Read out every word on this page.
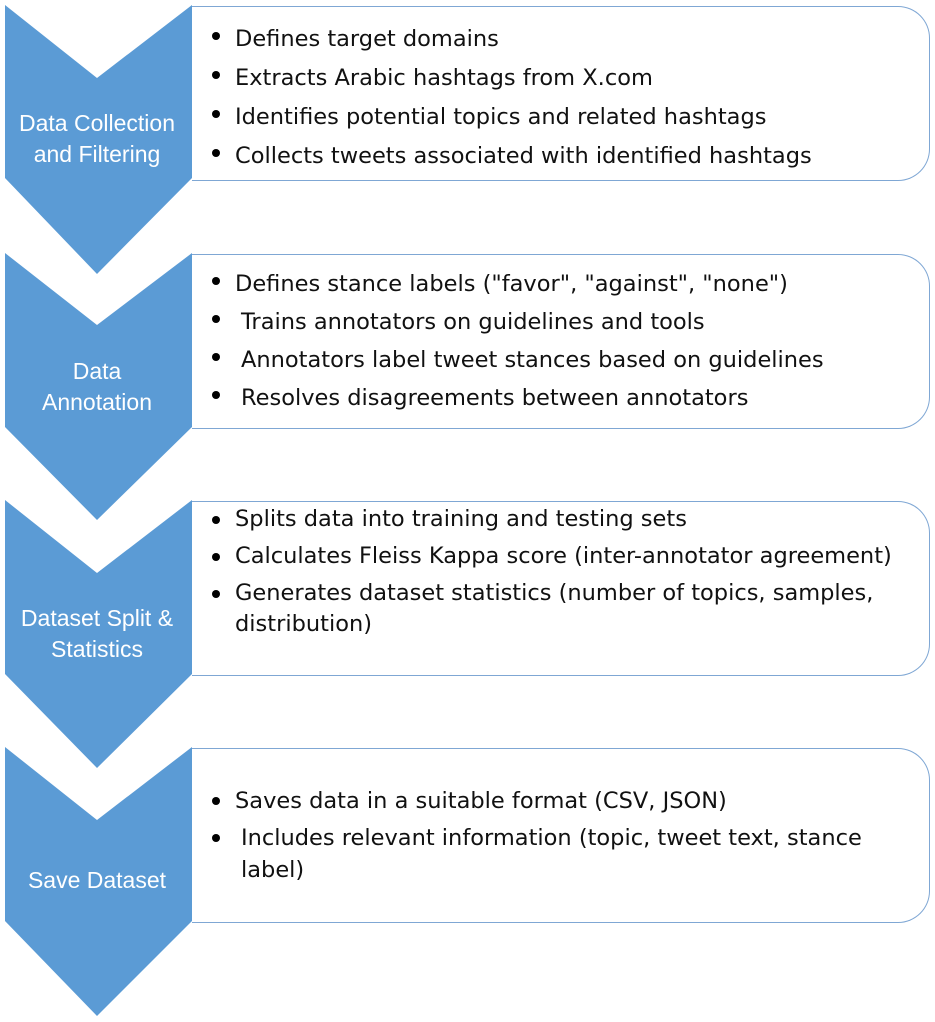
Defines target domains
Extracts Arabic hashtags from X.com
Identifies potential topics and related hashtags
Collects tweets associated with identified hashtags
Data Collection
and Filtering
Defines stance labels ("favor", "against", "none")
Trains annotators on guidelines and tools
Annotators label tweet stances based on guidelines
Resolves disagreements between annotators
Data
Annotation
Splits data into training and testing sets
Calculates Fleiss Kappa score (inter-annotator agreement)
Generates dataset statistics (number of topics, samples, distribution)
Dataset Split &
Statistics
Saves data in a suitable format (CSV, JSON)
Includes relevant information (topic, tweet text, stance label)
Save Dataset
